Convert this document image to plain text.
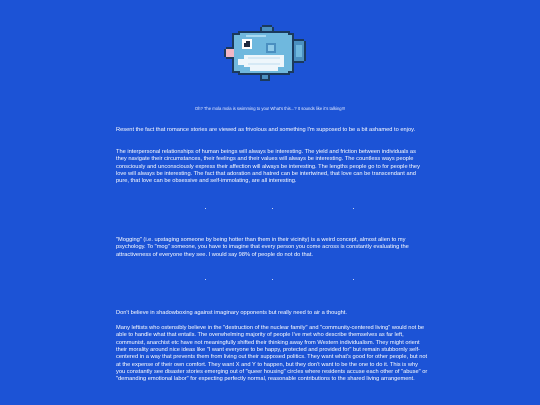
Oh? The mola mola is swimming to you! What's this...? It sounds like it's talking!!!

Resent the fact that romance stories are viewed as frivolous and something I'm supposed to be a bit ashamed to enjoy.

The interpersonal relationships of human beings will always be interesting. The yield and friction between individuals as they navigate their circumstances, their feelings and their values will always be interesting. The countless ways people consciously and unconsciously express their affection will always be interesting. The lengths people go to for people they love will always be interesting. The fact that adoration and hatred can be intertwined, that love can be transcendant and pure, that love can be obsessive and self-immolating, are all interesting.

"Mogging" (i.e. upstaging someone by being hotter than them in their vicinity) is a weird concept, almost alien to my psychology. To "mog" someone, you have to imagine that every person you come across is constantly evaluating the attractiveness of everyone they see. I would say 98% of people do not do that.

Don't believe in shadowboxing against imaginary opponents but really need to air a thought.

Many leftists who ostensibly believe in the "destruction of the nuclear family" and "community-centered living" would not be able to handle what that entails. The overwhelming majority of people I've met who describe themselves as far left, communist, anarchist etc have not meaningfully shifted their thinking away from Western individualism. They might orient their morality around nice ideas like "I want everyone to be happy, protected and provided for" but remain stubbornly self-centered in a way that prevents them from living out their supposed politics. They want what's good for other people, but not at the expense of their own comfort. They want X and Y to happen, but they don't want to be the one to do it. This is why you constantly see disaster stories emerging out of "queer housing" circles where residents accuse each other of "abuse" or "demanding emotional labor" for expecting perfectly normal, reasonable contributions to the shared living arrangement.
